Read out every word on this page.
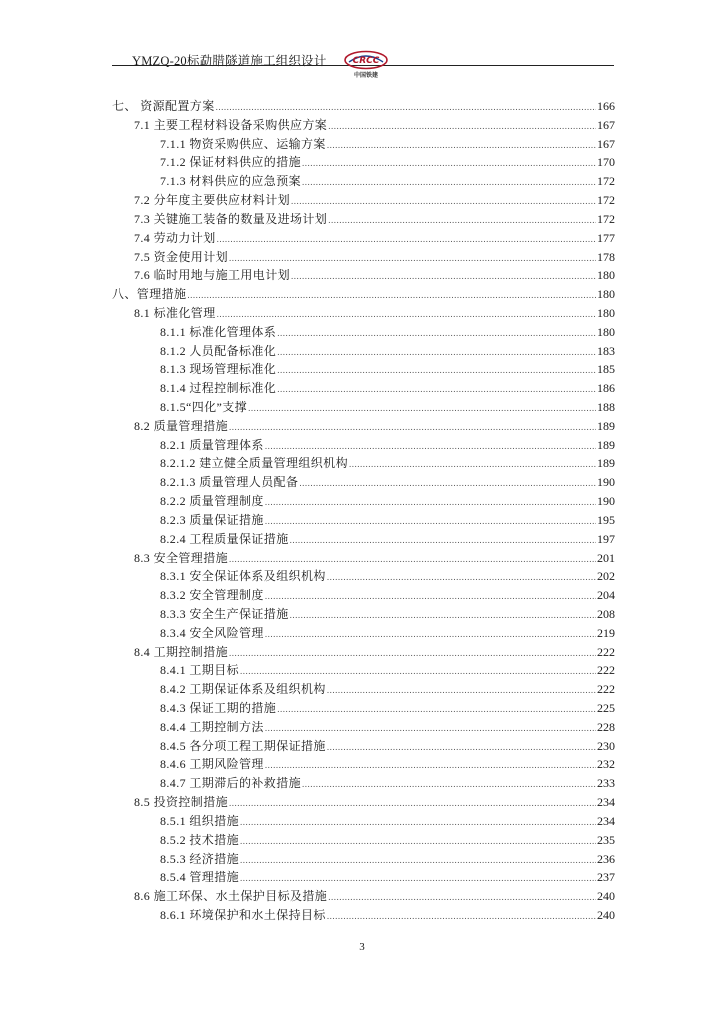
YMZQ-20标勐腊隧道施工组织设计	CRCC
中国铁建
七、 资源配置方案 .....	166
7.1 主要工程材料设备采购供应方案 .....	167
7.1.1 物资采购供应、运输方案 .....	167
7.1.2 保证材料供应的措施 .....	170
7.1.3 材料供应的应急预案 .....	172
7.2 分年度主要供应材料计划 .....	172
7.3 关键施工装备的数量及进场计划 .....	172
7.4 劳动力计划 .....	177
7.5 资金使用计划 .....	178
7.6 临时用地与施工用电计划 .....	180
八、管理措施 .....	180
8.1 标准化管理 .....	180
8.1.1 标准化管理体系 .....	180
8.1.2 人员配备标准化 .....	183
8.1.3 现场管理标准化 .....	185
8.1.4 过程控制标准化 .....	186
8.1.5“四化”支撑 .....	188
8.2 质量管理措施 .....	189
8.2.1 质量管理体系 .....	189
8.2.1.2 建立健全质量管理组织机构 .....	189
8.2.1.3 质量管理人员配备 .....	190
8.2.2 质量管理制度 .....	190
8.2.3 质量保证措施 .....	195
8.2.4 工程质量保证措施 .....	197
8.3 安全管理措施 .....	201
8.3.1 安全保证体系及组织机构 .....	202
8.3.2 安全管理制度 .....	204
8.3.3 安全生产保证措施 .....	208
8.3.4 安全风险管理 .....	219
8.4 工期控制措施 .....	222
8.4.1 工期目标 .....	222
8.4.2 工期保证体系及组织机构 .....	222
8.4.3 保证工期的措施 .....	225
8.4.4 工期控制方法 .....	228
8.4.5 各分项工程工期保证措施 .....	230
8.4.6 工期风险管理 .....	232
8.4.7 工期滞后的补救措施 .....	233
8.5 投资控制措施 .....	234
8.5.1 组织措施 .....	234
8.5.2 技术措施 .....	235
8.5.3 经济措施 .....	236
8.5.4 管理措施 .....	237
8.6 施工环保、水土保护目标及措施 .....	240
8.6.1 环境保护和水土保持目标 .....	240
3
